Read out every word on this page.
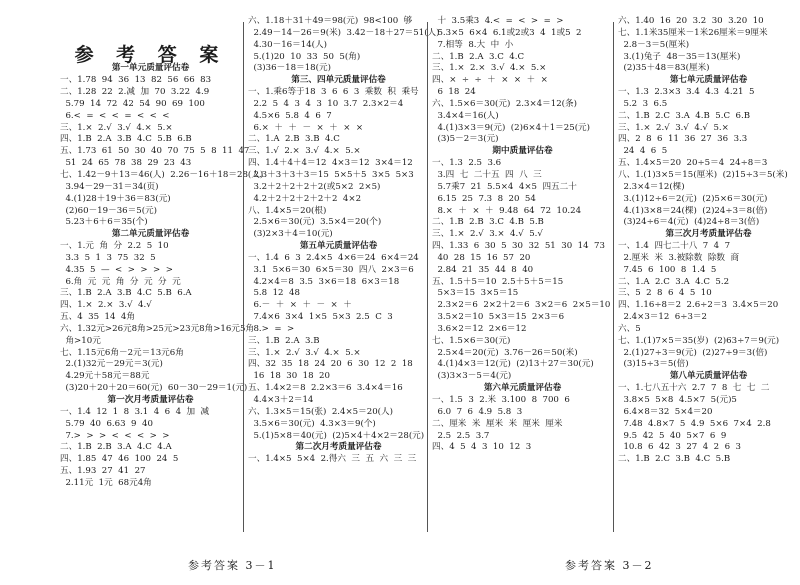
参 考 答 案
第一单元质量评估卷
一、1.78  94  36  13  82  56  66  83
二、1.28  22  2.减  加  70  3.22  4.9
5.79  14  72  42  54  90  69  100
6.<  =  <  <  =  <  <  <
三、1.×  2.√  3.√  4.×  5.×
四、1.B  2.A  3.B  4.C  5.B  6.B
五、1.73  61  50  30  40  70  75  5  8  11  47
51  24  65  78  38  29  23  43
七、1.42－9＋13＝46(人)  2.26－16＋18＝28(人)
3.94－29－31＝34(页)
4.(1)28＋19＋36＝83(元)
(2)60－19－36＝5(元)
5.23＋6＋6＝35(个)
第二单元质量评估卷
一、1.元  角  分  2.2  5  10
3.3  5  1  3  75  32  5
4.35  5  —  <  >  >  >  >
6.角  元  元  角  分  元  分  元
三、1.B  2.A  3.B  4.C  5.B  6.A
四、1.×  2.×  3.√  4.√
五、4  35  14  4角
六、1.32元>26元8角>25元>23元8角>16元5角
角>10元
七、1.15元6角－2元＝13元6角
2.(1)32元－29元＝3(元)
4.29元＋58元＝88元
(3)20＋20＋20＝60(元)  60－30－29＝1(元)
第一次月考质量评估卷
一、1.4  12  1  8  3.1  4  6  4  加  减
5.79  40  6.63  9  40
7.>  >  >  <  <  <  >  >
二、1.B  2.B  3.A  4.C  4.A
四、1.85  47  46  100  24  5
五、1.93  27  41  27
2.11元  1元  68元4角
六、1.18＋31＋49＝98(元)  98<100  够
2.49－14－26＝9(米)  3.42－18＋27＝51(人)
4.30－16＝14(人)
5.(1)20  10  33  50  5(角)
(3)36－18＝18(元)
第三、四单元质量评估卷
一、1.乘6等于18  3  6  6  3  乘数  积  乘号
2.2  5  4  3  4  3  10  3.7  2.3×2＝4
4.5×6  5.8  4  6  7
6.×  ＋  ＋  －  ×  ＋  ×  ×
二、1.A  2.B  3.B  4.C
三、1.√  2.×  3.√  4.×  5.×
四、1.4＋4＋4＝12  4×3＝12  3×4＝12
2.3＋3＋3＋3＝15  5×5＋5  3×5  5×3
3.2＋2＋2＋2＋2(或5×2  2×5)
4.2＋2＋2＋2＋2＋2  4×2
八、1.4×5＝20(根)
2.5×6＝30(元)  3.5×4＝20(个)
(3)2×3＋4＝10(元)
第五单元质量评估卷
一、1.4  6  3  2.4×5  4×6＝24  6×4＝24
3.1  5×6＝30  6×5＝30  四八  2×3＝6
4.2×4＝8  3.5  3×6＝18  6×3＝18
5.8  12  48
6.－  ＋  ×  ＋  －  ×  ＋
7.4×6  3×4  1×5  5×3  2.5  C  3
8.>  =  >
三、1.B  2.A  3.B
三、1.×  2.√  3.√  4.×  5.×
四、32  35  18  24  20  6  30  12  2  18
16  18  30  18  20
五、1.4×2＝8  2.2×3＝6  3.4×4＝16
4.4×3＋2＝14
六、1.3×5＝15(张)  2.4×5＝20(人)
3.5×6＝30(元)  4.3×3＝9(个)
5.(1)5×8＝40(元)  (2)5×4＋4×2＝28(元)
第二次月考质量评估卷
一、1.4×5  5×4  2.得六  三  五  六  三  三
十  3.5乘3  4.<  =  <  >  =  >
5.3×5  6×4  6.1或2或3  4  1或5  2
7.相等  8.大  中  小
二、1.B  2.A  3.C  4.C
三、1.×  2.×  3.√  4.×  5.×
四、×  ÷  ÷  ＋  ×  ×  ＋  ×
6  18  24
六、1.5×6＝30(元)  2.3×4＝12(条)
3.4×4＝16(人)
4.(1)3×3＝9(元)  (2)6×4＋1＝25(元)
(3)5－2＝3(元)
期中质量评估卷
一、1.3  2.5  3.6
3.四  七  二十五  四  八  三
5.7乘7  21  5.5×4  4×5  四五二十
6.15  25  7.3  8  20  54
8.×  ＋  ×  ＋  9.48  64  72  10.24
二、1.B  2.B  3.C  4.B  5.B
三、1.×  2.√  3.×  4.√  5.√
四、1.33  6  30  5  30  32  51  30  14  73
40  28  15  16  57  20
2.84  21  35  44  8  40
五、1.5＋5＝10  2.5＋5＋5＝15
5×3＝15  3×5＝15
2.3×2＝6  2×2＋2＝6  3×2＝6  2×5＝10
3.5×2＝10  5×3＝15  2×3＝6
3.6×2＝12  2×6＝12
七、1.5×6＝30(元)
2.5×4＝20(元)  3.76－26＝50(米)
4.(1)4×3＝12(元)  (2)13＋27＝30(元)
(3)3×3－5＝4(元)
第六单元质量评估卷
一、1.5  3  2.米  3.100  8  700  6
6.0  7  6  4.9  5.8  3
二、厘米  米  厘米  米  厘米  厘米
2.5  2.5  3.7
四、4  5  4  3  10  12  3
六、1.40  16  20  3.2  30  3.20  10
七、1.1米35厘米－1米26厘米＝9厘米
2.8－3＝5(厘米)
3.(1)兔子  48－35＝13(厘米)
(2)35＋48＝83(厘米)
第七单元质量评估卷
一、1.3  2.3×3  3.4  4.3  4.21  5
5.2  3  6.5
二、1.B  2.C  3.A  4.B  5.C  6.B
三、1.×  2.√  3.√  4.√  5.×
四、2  8  6  11  36  27  36  3.3
24  4  6  5
五、1.4×5＝20  20÷5＝4  24÷8＝3
八、1.(1)3×5＝15(厘米)  (2)15÷3＝5(米)
2.3×4＝12(棵)
3.(1)12÷6＝2(元)  (2)5×6＝30(元)
4.(1)3×8＝24(棵)  (2)24÷3＝8(倍)
(3)24÷6＝4(元)  (4)24÷8＝3(倍)
第三次月考质量评估卷
一、1.4  四七二十八  7  4  7
2.厘米  米  3.被除数  除数  商
7.45  6  100  8  1.4  5
二、1.A  2.C  3.A  4.C  5.2
三、5  2  8  6  4  5  10
四、1.16÷8＝2  2.6÷2＝3  3.4×5＝20
2.4×3＝12  6÷3＝2
六、5
七、1.(1)7×5＝35(岁)  (2)63÷7＝9(元)
2.(1)27÷3＝9(元)  (2)27÷9＝3(倍)
(3)15÷3＝5(倍)
第八单元质量评估卷
一、1.七八五十六  2.7  7  8  七  七  二
3.8×5  5×8  4.5×7  5(元)5
6.4×8＝32  5×4＝20
7.48  4.8×7  5  4.9  5×6  7×4  2.8
9.5  42  5  40  5×7  6  9
10.8  6  42  3  27  4  2  6  3
二、1.B  2.C  3.B  4.C  5.B
参考答案 3－1	参考答案 3－2
